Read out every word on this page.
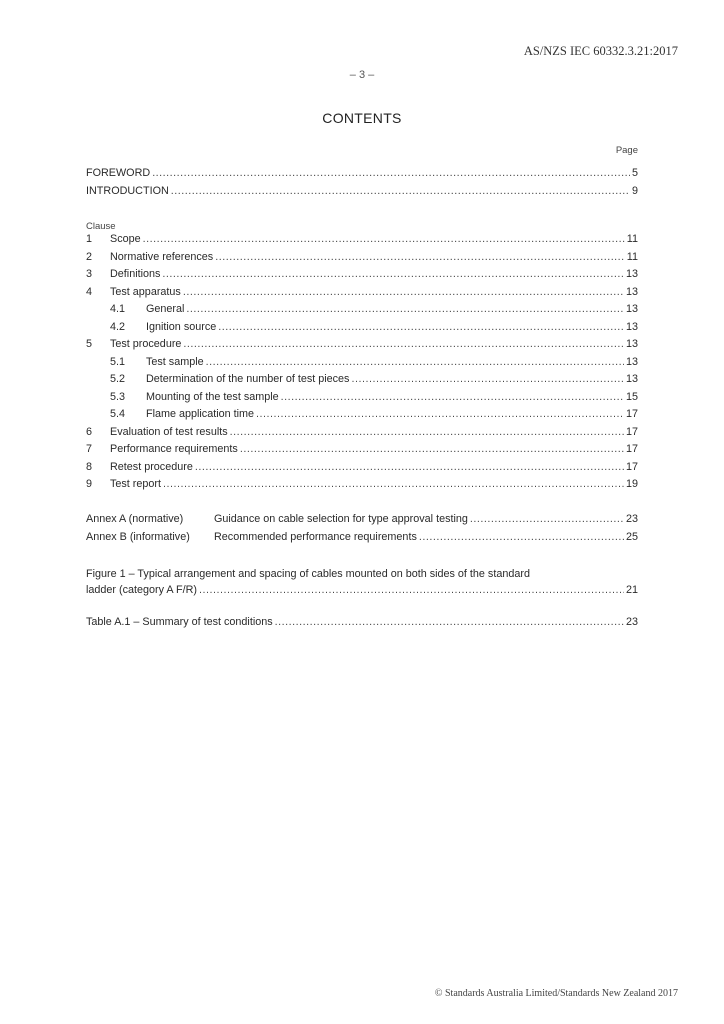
AS/NZS IEC 60332.3.21:2017
– 3 –
CONTENTS
Page
FOREWORD .....	5
INTRODUCTION .....	9
Clause
1	Scope .....	11
2	Normative references .....	11
3	Definitions .....	13
4	Test apparatus .....	13
4.1	General .....	13
4.2	Ignition source .....	13
5	Test procedure .....	13
5.1	Test sample .....	13
5.2	Determination of the number of test pieces .....	13
5.3	Mounting of the test sample .....	15
5.4	Flame application time .....	17
6	Evaluation of test results .....	17
7	Performance requirements .....	17
8	Retest procedure .....	17
9	Test report .....	19
Annex A (normative)	Guidance on cable selection for type approval testing .....	23
Annex B (informative)	Recommended performance requirements .....	25
Figure 1 – Typical arrangement and spacing of cables mounted on both sides of the standard
ladder (category A F/R) .....	21
Table A.1 – Summary of test conditions .....	23
© Standards Australia Limited/Standards New Zealand 2017
